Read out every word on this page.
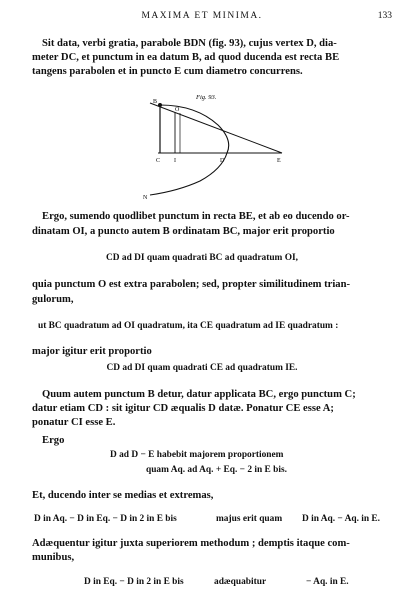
MAXIMA ET MINIMA.	133
Sit data, verbi gratia, parabole BDN (fig. 93), cujus vertex D, dia-
meter DC, et punctum in ea datum B, ad quod ducenda est recta BE
tangens parabolen et in puncto E cum diametro concurrens.
Fig. 93.
O
B
C I	D	E
N
Ergo, sumendo quodlibet punctum in recta BE, et ab eo ducendo or-
dinatam OI, a puncto autem B ordinatam BC, major erit proportio
CD ad DI quam quadrati BC ad quadratum OI,
quia punctum O est extra parabolen; sed, propter similitudinem trian-
gulorum,
ut BC quadratum ad OI quadratum, ita CE quadratum ad IE quadratum :
major igitur erit proportio
CD ad DI quam quadrati CE ad quadratum IE.
Quum autem punctum B detur, datur applicata BC, ergo punctum C;
datur etiam CD : sit igitur CD æqualis D datæ. Ponatur CE esse A;
ponatur CI esse E.
Ergo
D ad D − E habebit majorem proportionem
quam Aq. ad Aq. + Eq. − 2 in E bis.
Et, ducendo inter se medias et extremas,
D in Aq. − D in Eq. − D in 2 in E bis	majus erit quam D in Aq. − Aq. in E.
Adæquentur igitur juxta superiorem methodum ; demptis itaque com-
munibus,
D in Eq. − D in 2 in E bis	adæquabitur	− Aq. in E.
